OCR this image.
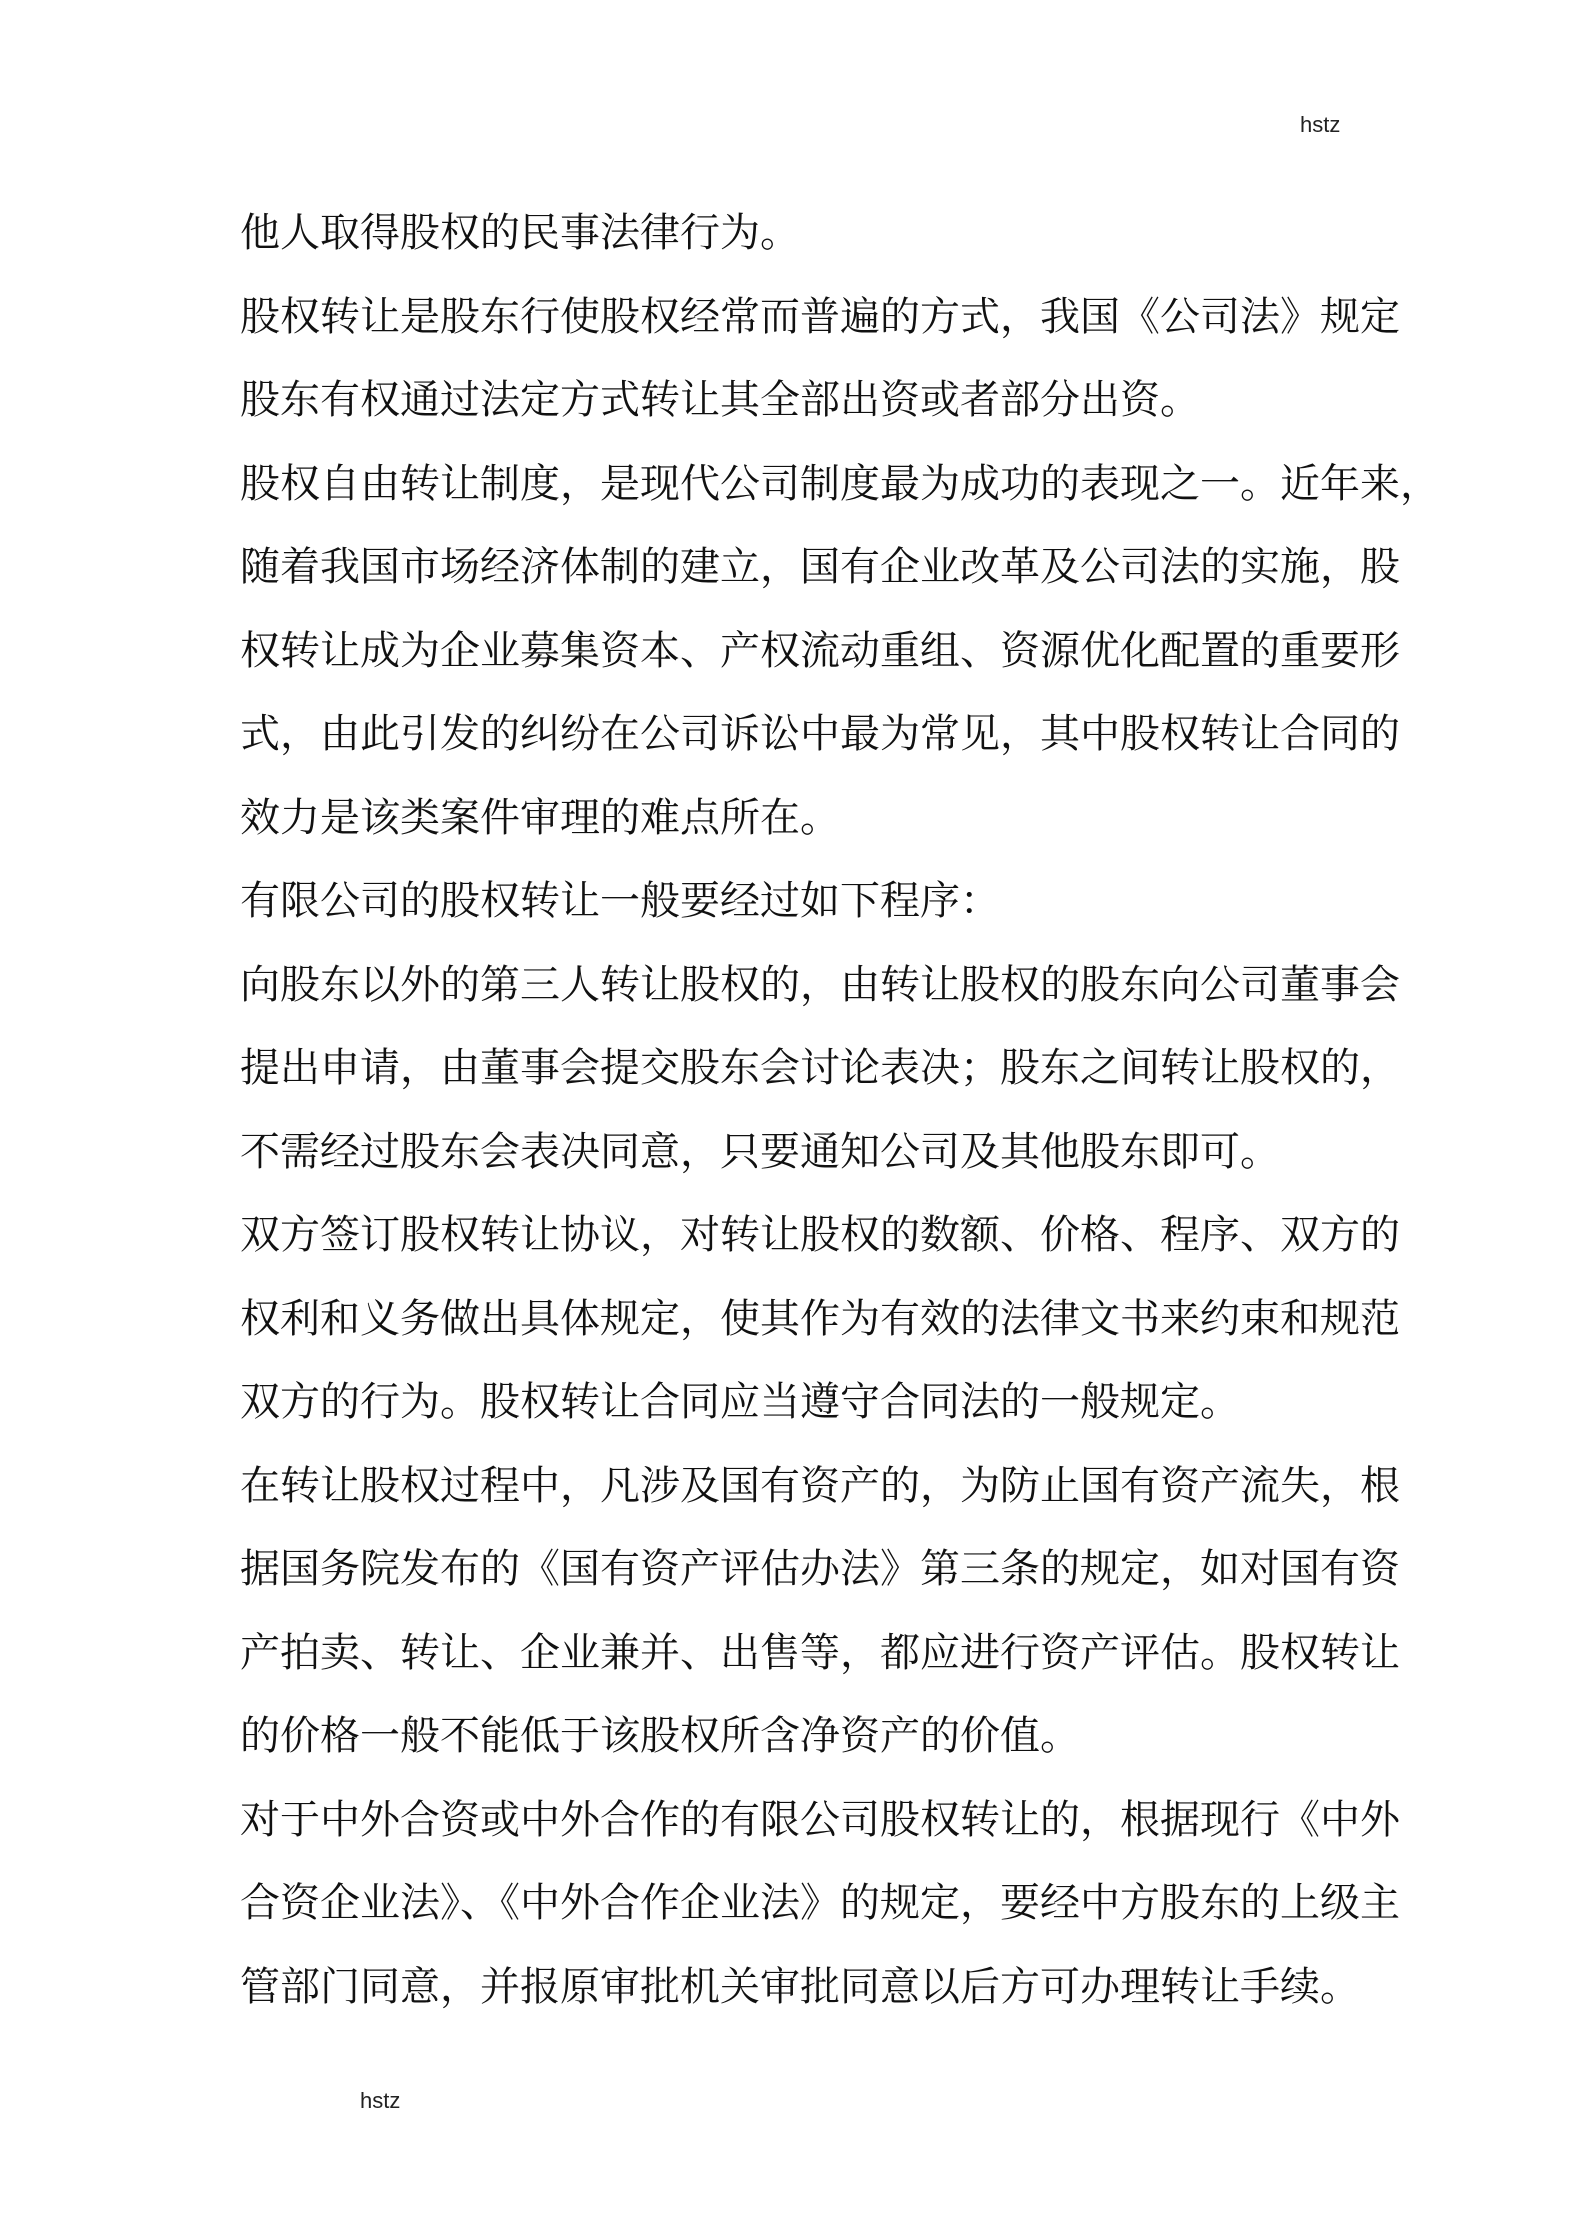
hstz
他人取得股权的民事法律行为。
股权转让是股东行使股权经常而普遍的方式，我国《公司法》规定
股东有权通过法定方式转让其全部出资或者部分出资。
股权自由转让制度，是现代公司制度最为成功的表现之一。近年来，
随着我国市场经济体制的建立，国有企业改革及公司法的实施，股
权转让成为企业募集资本、产权流动重组、资源优化配置的重要形
式，由此引发的纠纷在公司诉讼中最为常见，其中股权转让合同的
效力是该类案件审理的难点所在。
有限公司的股权转让一般要经过如下程序：
向股东以外的第三人转让股权的，由转让股权的股东向公司董事会
提出申请，由董事会提交股东会讨论表决；股东之间转让股权的，
不需经过股东会表决同意，只要通知公司及其他股东即可。
双方签订股权转让协议，对转让股权的数额、价格、程序、双方的
权利和义务做出具体规定，使其作为有效的法律文书来约束和规范
双方的行为。股权转让合同应当遵守合同法的一般规定。
在转让股权过程中，凡涉及国有资产的，为防止国有资产流失，根
据国务院发布的《国有资产评估办法》第三条的规定，如对国有资
产拍卖、转让、企业兼并、出售等，都应进行资产评估。股权转让
的价格一般不能低于该股权所含净资产的价值。
对于中外合资或中外合作的有限公司股权转让的，根据现行《中外
合资企业法》、《中外合作企业法》的规定，要经中方股东的上级主
管部门同意，并报原审批机关审批同意以后方可办理转让手续。
hstz
